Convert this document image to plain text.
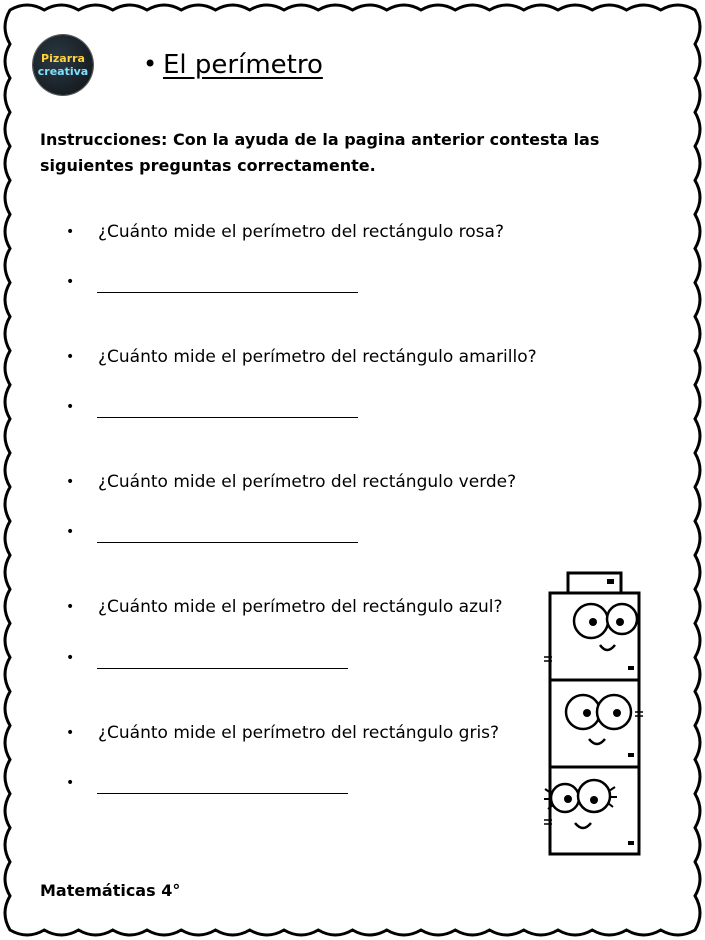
Pizarra
creativa • El perímetro
Instrucciones: Con la ayuda de la pagina anterior contesta las siguientes preguntas correctamente.
• ¿Cuánto mide el perímetro del rectángulo rosa?
•
• ¿Cuánto mide el perímetro del rectángulo amarillo?
•
• ¿Cuánto mide el perímetro del rectángulo verde?
•
• ¿Cuánto mide el perímetro del rectángulo azul?
•
• ¿Cuánto mide el perímetro del rectángulo gris?
•
Matemáticas 4°
